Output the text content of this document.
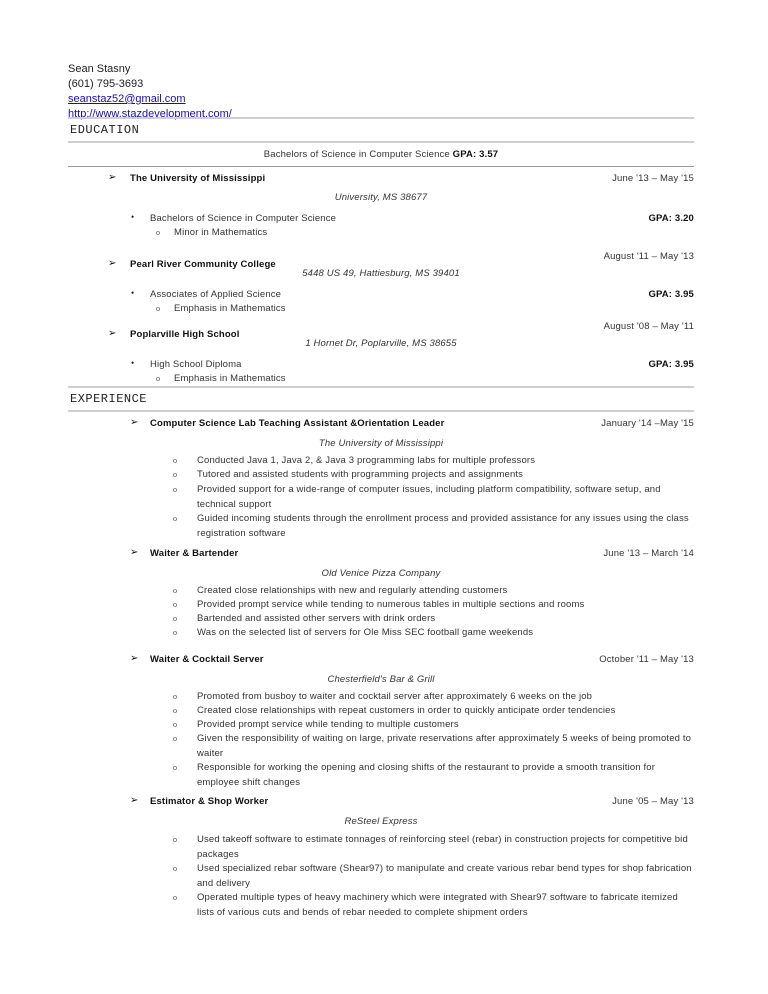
Sean Stasny
(601) 795-3693
seanstaz52@gmail.com
http://www.stazdevelopment.com/
EDUCATION
Bachelors of Science in Computer Science GPA: 3.57
➢ The University of Mississippi	June '13 – May '15
University, MS 38677
• Bachelors of Science in Computer Science	GPA: 3.20
o Minor in Mathematics
August '11 – May '13
➢ Pearl River Community College
5448 US 49, Hattiesburg, MS 39401
• Associates of Applied Science	GPA: 3.95
o Emphasis in Mathematics
August '08 – May '11
➢ Poplarville High School
1 Hornet Dr, Poplarville, MS 38655
• High School Diploma	GPA: 3.95
o Emphasis in Mathematics
EXPERIENCE
➢ Computer Science Lab Teaching Assistant &Orientation Leader	January '14 –May '15
The University of Mississippi
o Conducted Java 1, Java 2, & Java 3 programming labs for multiple professors
o Tutored and assisted students with programming projects and assignments
o Provided support for a wide-range of computer issues, including platform compatibility, software setup, and technical support
o Guided incoming students through the enrollment process and provided assistance for any issues using the class registration software
➢ Waiter & Bartender	June '13 – March '14
Old Venice Pizza Company
o Created close relationships with new and regularly attending customers
o Provided prompt service while tending to numerous tables in multiple sections and rooms
o Bartended and assisted other servers with drink orders
o Was on the selected list of servers for Ole Miss SEC football game weekends
➢ Waiter & Cocktail Server	October '11 – May '13
Chesterfield's Bar & Grill
o Promoted from busboy to waiter and cocktail server after approximately 6 weeks on the job
o Created close relationships with repeat customers in order to quickly anticipate order tendencies
o Provided prompt service while tending to multiple customers
o Given the responsibility of waiting on large, private reservations after approximately 5 weeks of being promoted to waiter
o Responsible for working the opening and closing shifts of the restaurant to provide a smooth transition for employee shift changes
➢ Estimator & Shop Worker	June '05 – May '13
ReSteel Express
o Used takeoff software to estimate tonnages of reinforcing steel (rebar) in construction projects for competitive bid packages
o Used specialized rebar software (Shear97) to manipulate and create various rebar bend types for shop fabrication and delivery
o Operated multiple types of heavy machinery which were integrated with Shear97 software to fabricate itemized lists of various cuts and bends of rebar needed to complete shipment orders
